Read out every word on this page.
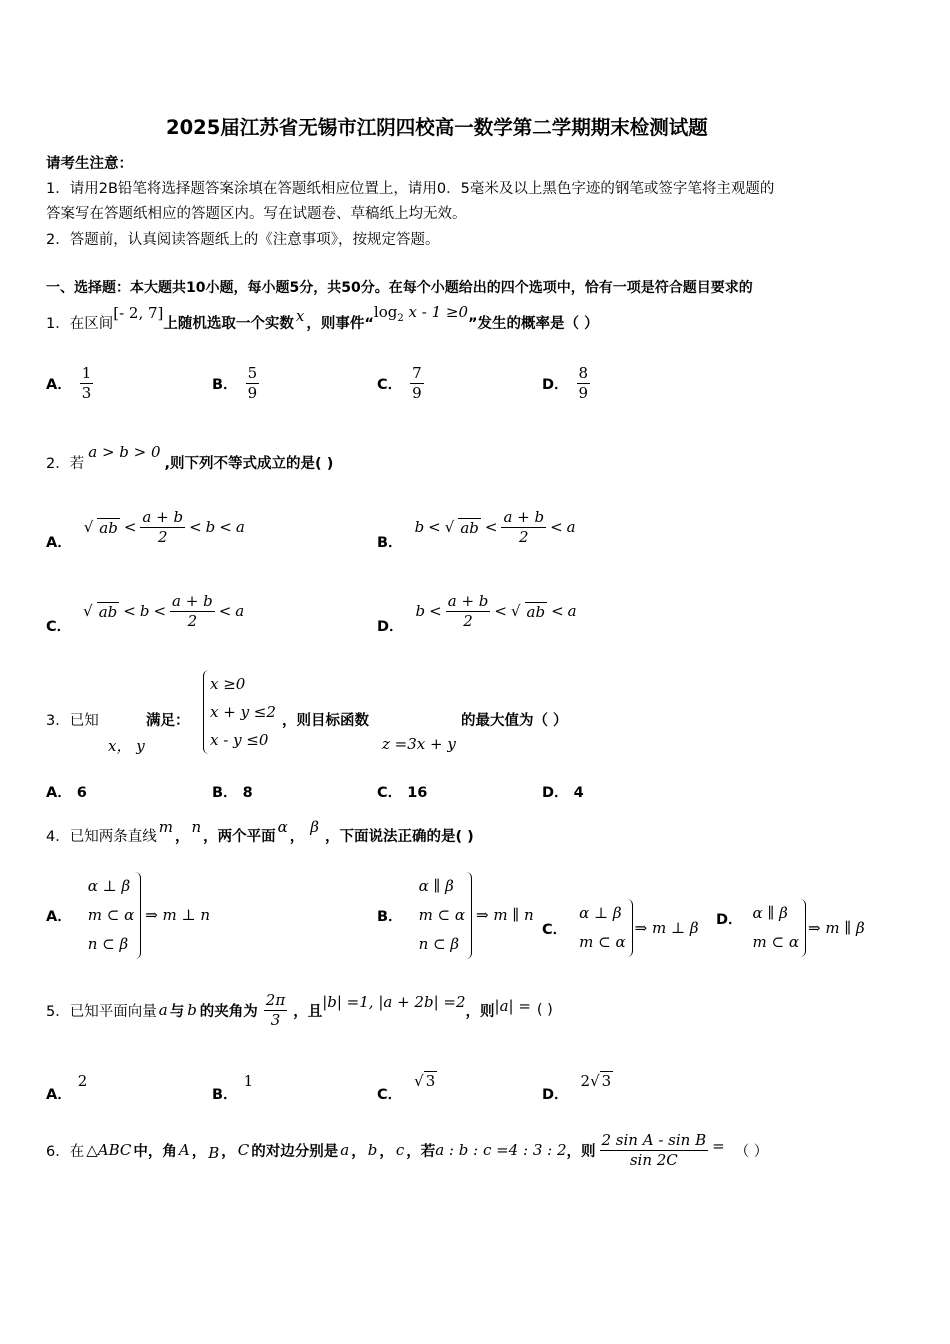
2025届江苏省无锡市江阴四校高一数学第二学期期末检测试题
请考生注意：
1．请用2B铅笔将选择题答案涂填在答题纸相应位置上，请用0．5毫米及以上黑色字迹的钢笔或签字笔将主观题的
答案写在答题纸相应的答题区内。写在试题卷、草稿纸上均无效。
2．答题前，认真阅读答题纸上的《注意事项》，按规定答题。
一、选择题：本大题共10小题，每小题5分，共50分。在每个小题给出的四个选项中，恰有一项是符合题目要求的
1．在区间
[- 2, 7]
上随机选取一个实数 x ，则事件“
$\log_2 x - 1 \ge 0$
”发生的概率是（ ）
A． $\frac{1}{3}$	B． $\frac{5}{9}$	C． $\frac{7}{9}$	D． $\frac{8}{9}$
2．若
a > b > 0
,则下列不等式成立的是( )
A．
√ ab < $\frac{a + b}{2} < b < a$
B．
b < √ ab < $\frac{a + b}{2} < a$
C．
√ ab < $b < \frac{a + b}{2} < a$
D．
$b < \frac{a + b}{2}$ < √ ab < a
3．已知
x， y
满足：
x ≥0
x + y ≤2
x - y ≤0
，则目标函数
z =3x + y
的最大值为（ ）
A． 6	B． 8	C． 16	D． 4
4．已知两条直线
m
，
n
，两个平面
α
，
β
，下面说法正确的是( )
A．
α ⊥ β
m ⊂ α
n ⊂ β
⇒ m ⊥ n	B．
α ∥ β
m ⊂ α
n ⊂ β
⇒ m ∥ n
C．
α ⊥ β
m ⊂ α
⇒ m ⊥ β D． α ∥ β
m ⊂ α
⇒ m ∥ β
5．已知平面向量 a 与 b 的夹角为 $\frac{2\pi}{3}$ ，且
|b| =1, |a + 2b| =2
，则 |a| = ( )
A．
2
B．
1
C．
√ 3
D．
2√ 3
6．在 △ABC 中，角 A ， B ， C 的对边分别是 a ， b ， c ，若 a : b : c =4 : 3 : 2 ，则 $\frac{\text{2 sin A - sin B}}{\sin 2C}$ = （ ）
